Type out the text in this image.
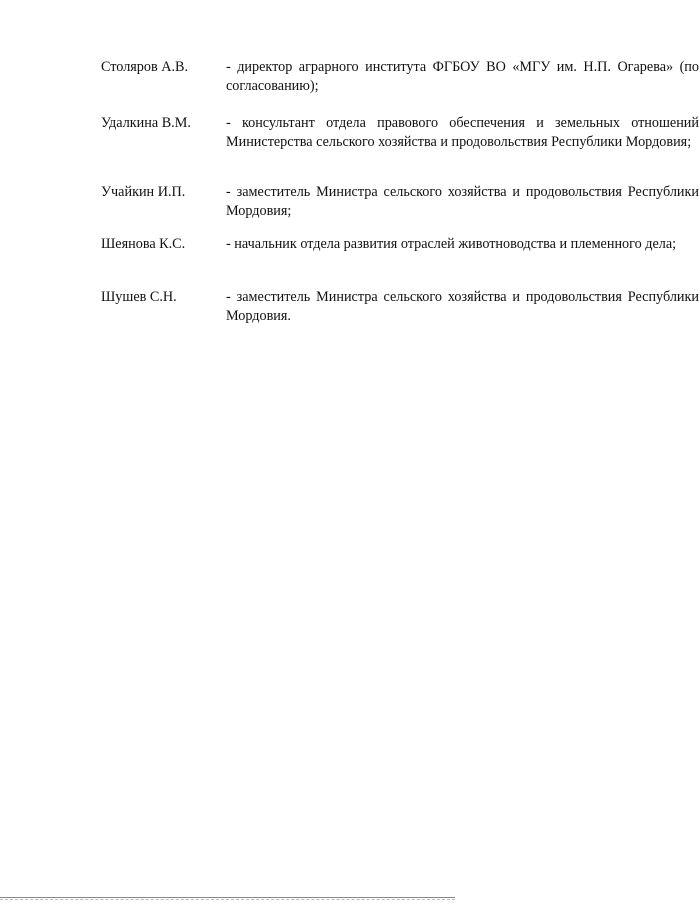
Столяров А.В.	- директор аграрного института ФГБОУ ВО «МГУ им. Н.П. Огарева» (по согласованию);
Удалкина В.М.	- консультант отдела правового обеспечения и земельных отношений Министерства сельского хозяйства и продовольствия Республики Мордовия;
Учайкин И.П.	- заместитель Министра сельского хозяйства и продовольствия Республики Мордовия;
Шеянова К.С.	- начальник отдела развития отраслей животноводства и племенного дела;
Шушев С.Н.	- заместитель Министра сельского хозяйства и продовольствия Республики Мордовия.
